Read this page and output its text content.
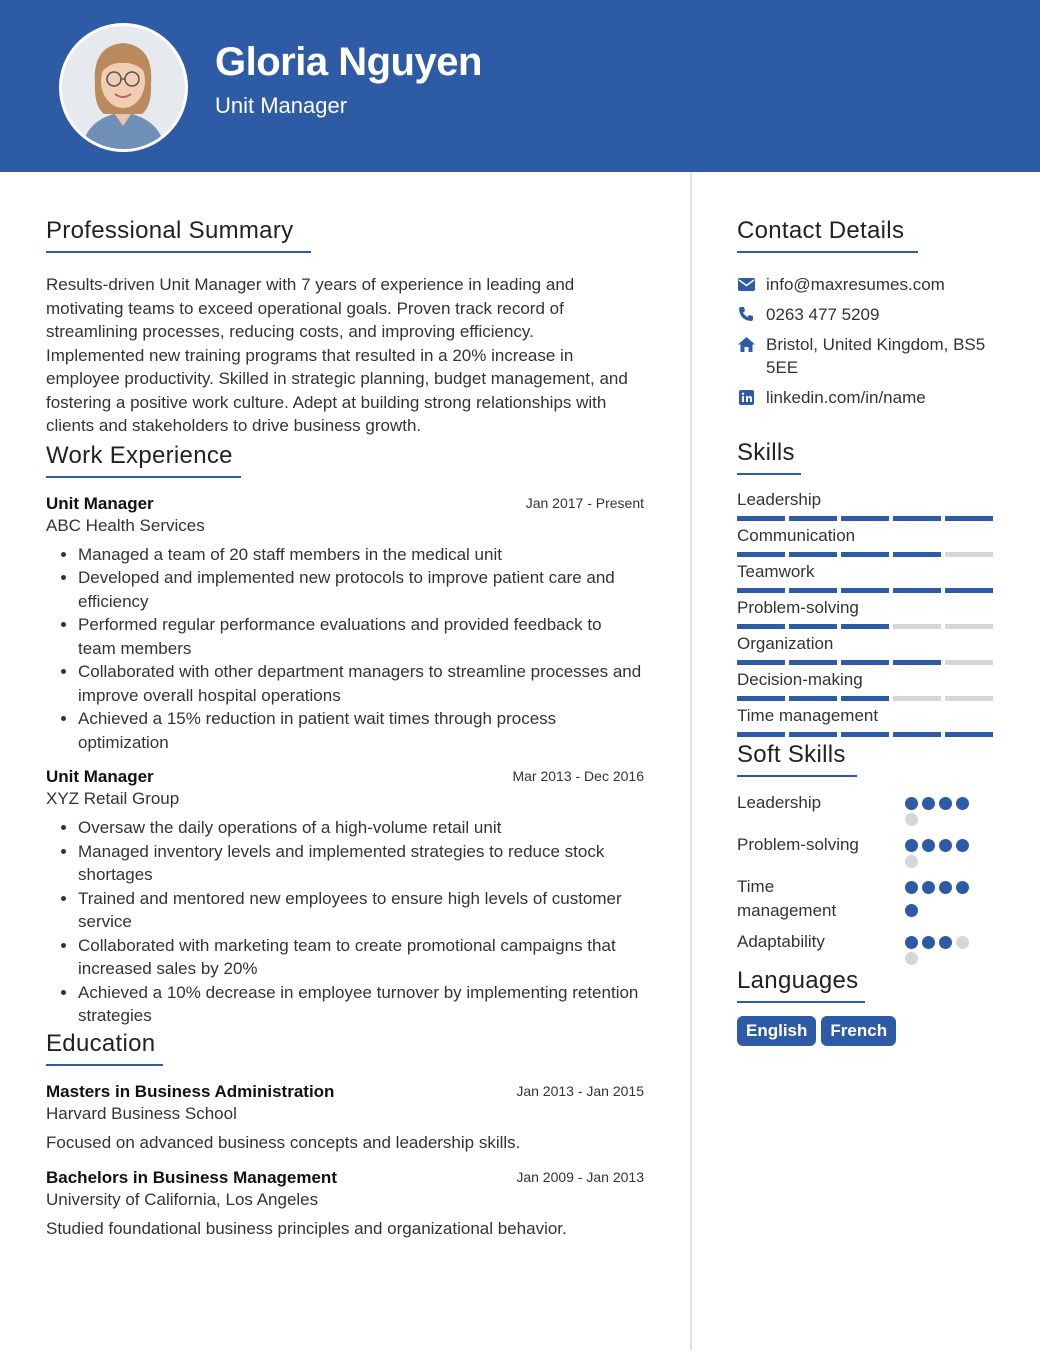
Gloria Nguyen
Unit Manager
Professional Summary

Results-driven Unit Manager with 7 years of experience in leading and motivating teams to exceed operational goals. Proven track record of streamlining processes, reducing costs, and improving efficiency. Implemented new training programs that resulted in a 20% increase in employee productivity. Skilled in strategic planning, budget management, and fostering a positive work culture. Adept at building strong relationships with clients and stakeholders to drive business growth.

Work Experience
Unit Manager	Jan 2017 - Present
ABC Health Services
• Managed a team of 20 staff members in the medical unit
• Developed and implemented new protocols to improve patient care and efficiency
• Performed regular performance evaluations and provided feedback to team members
• Collaborated with other department managers to streamline processes and improve overall hospital operations
• Achieved a 15% reduction in patient wait times through process optimization
Unit Manager	Mar 2013 - Dec 2016
XYZ Retail Group
• Oversaw the daily operations of a high-volume retail unit
• Managed inventory levels and implemented strategies to reduce stock shortages
• Trained and mentored new employees to ensure high levels of customer service
• Collaborated with marketing team to create promotional campaigns that increased sales by 20%
• Achieved a 10% decrease in employee turnover by implementing retention strategies
Education
Masters in Business Administration	Jan 2013 - Jan 2015
Harvard Business School

Focused on advanced business concepts and leadership skills.

Bachelors in Business Management	Jan 2009 - Jan 2013
University of California, Los Angeles

Studied foundational business principles and organizational behavior.

Contact Details
info@maxresumes.com
0263 477 5209
Bristol, United Kingdom, BS5 5EE
linkedin.com/in/name
Skills
Leadership
Communication
Teamwork
Problem-solving
Organization
Decision-making
Time management
Soft Skills
Leadership
Problem-solving
Time management
Adaptability
Languages
English French
